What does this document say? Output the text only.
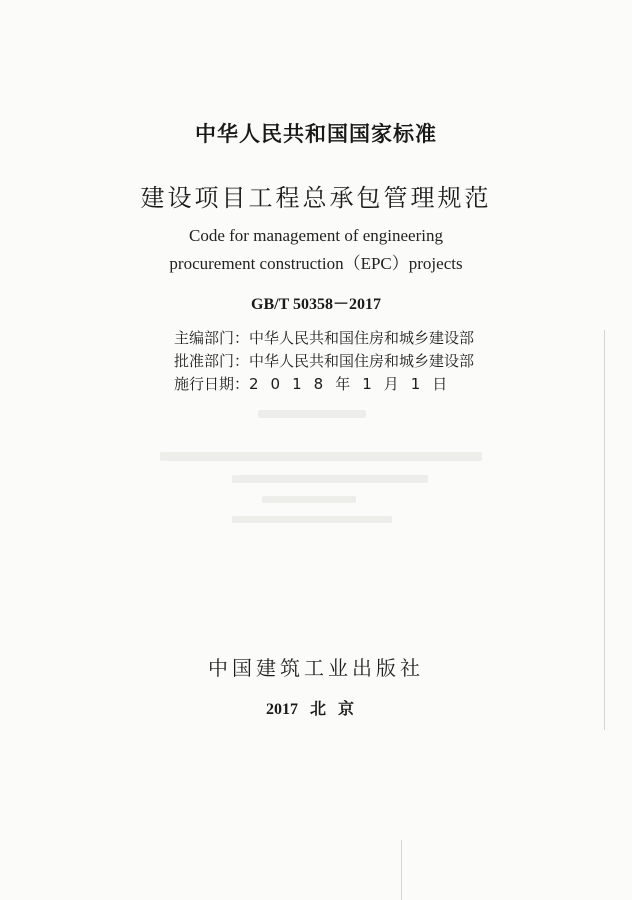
中华人民共和国国家标准
建设项目工程总承包管理规范
Code for management of engineering
procurement construction（EPC）projects
GB/T 50358－2017
主编部门：中华人民共和国住房和城乡建设部
批准部门：中华人民共和国住房和城乡建设部
施行日期：2018年1月1日
中国建筑工业出版社
2017 北京
